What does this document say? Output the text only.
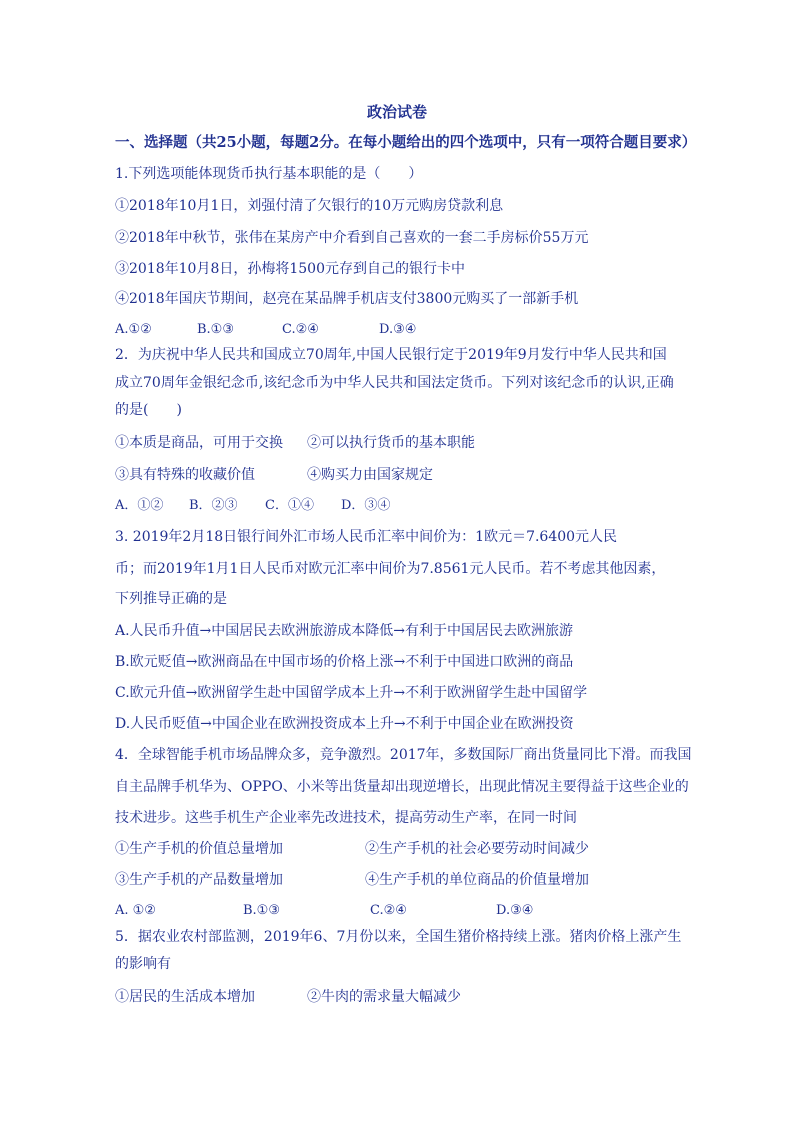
政治试卷
一、选择题（共25小题，每题2分。在每小题给出的四个选项中，只有一项符合题目要求）
1.下列选项能体现货币执行基本职能的是（　　）
①2018年10月1日，刘强付清了欠银行的10万元购房贷款利息
②2018年中秋节，张伟在某房产中介看到自己喜欢的一套二手房标价55万元
③2018年10月8日，孙梅将1500元存到自己的银行卡中
④2018年国庆节期间，赵亮在某品牌手机店支付3800元购买了一部新手机
A.①②	B.①③	C.②④	D.③④
2．为庆祝中华人民共和国成立70周年,中国人民银行定于2019年9月发行中华人民共和国
成立70周年金银纪念币,该纪念币为中华人民共和国法定货币。下列对该纪念币的认识,正确
的是(　　)
①本质是商品，可用于交换 ②可以执行货币的基本职能
③具有特殊的收藏价值	④购买力由国家规定
A．①② B．②③ C．①④ D．③④
3. 2019年2月18日银行间外汇市场人民币汇率中间价为：1欧元＝7.6400元人民
币；而2019年1月1日人民币对欧元汇率中间价为7.8561元人民币。若不考虑其他因素，
下列推导正确的是
A.人民币升值→中国居民去欧洲旅游成本降低→有利于中国居民去欧洲旅游
B.欧元贬值→欧洲商品在中国市场的价格上涨→不利于中国进口欧洲的商品
C.欧元升值→欧洲留学生赴中国留学成本上升→不利于欧洲留学生赴中国留学
D.人民币贬值→中国企业在欧洲投资成本上升→不利于中国企业在欧洲投资
4．全球智能手机市场品牌众多，竞争激烈。2017年，多数国际厂商出货量同比下滑。而我国
自主品牌手机华为、OPPO、小米等出货量却出现逆增长，出现此情况主要得益于这些企业的
技术进步。这些手机生产企业率先改进技术，提高劳动生产率，在同一时间
①生产手机的价值总量增加	②生产手机的社会必要劳动时间减少
③生产手机的产品数量增加	④生产手机的单位商品的价值量增加
A. ①②	B.①③	C.②④	D.③④
5．据农业农村部监测，2019年6、7月份以来，全国生猪价格持续上涨。猪肉价格上涨产生
的影响有
①居民的生活成本增加	②牛肉的需求量大幅减少
